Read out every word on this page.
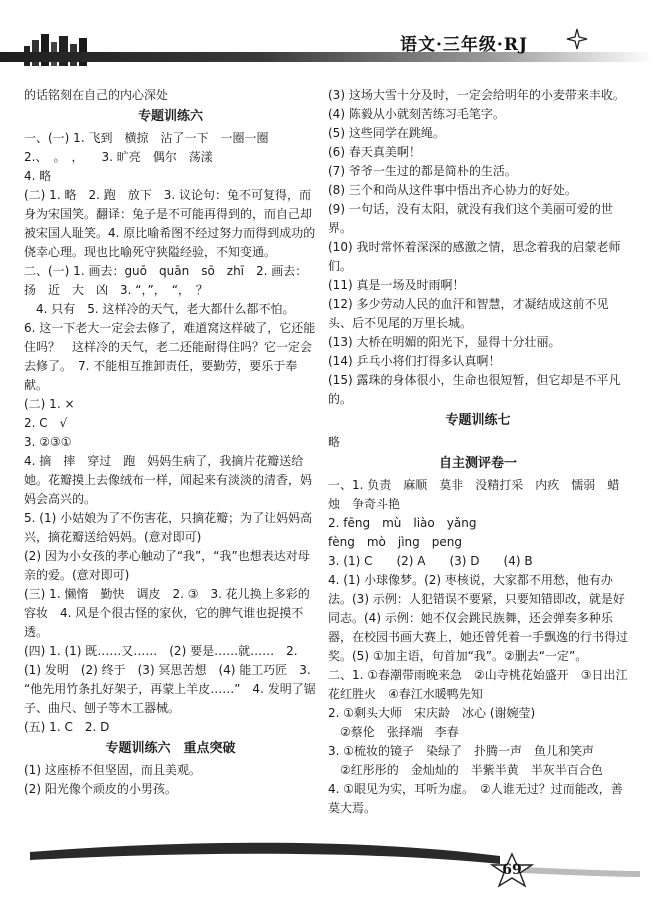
语文·三年级·RJ

的话铭刻在自己的内心深处

专题训练六

一、(一) 1. 飞到　横掠　沾了一下　一圈一圈

2.、　。　，　　3. 旷亮　偶尔　荡漾

4. 略

(二) 1. 略　2. 跑　放下　3. 议论句：兔不可复得，而身为宋国笑。翻译：兔子是不可能再得到的，而自己却被宋国人耻笑。4. 原比喻希图不经过努力而得到成功的侥幸心理。现也比喻死守狭隘经验，不知变通。

二、(一) 1. 画去：guō　quān　sō　zhī　2. 画去：扬　近　大　凶　3. “，”，　“，　？

　4. 只有　5. 这样冷的天气，老大都什么都不怕。

6. 这一下老大一定会去修了，难道窝这样破了，它还能住吗？　这样冷的天气，老二还能耐得住吗？它一定会去修了。　7. 不能相互推卸责任，要勤劳，要乐于奉献。

(二) 1. ×

2. C　√

3. ②③①

4. 摘　摔　穿过　跑　妈妈生病了，我摘片花瓣送给她。花瓣摸上去像绒布一样，闻起来有淡淡的清香，妈妈会高兴的。

5. (1) 小姑娘为了不伤害花，只摘花瓣；为了让妈妈高兴，摘花瓣送给妈妈。(意对即可)

(2) 因为小女孩的孝心触动了“我”，“我”也想表达对母亲的爱。(意对即可)

(三) 1. 懒惰　勤快　调皮　2. ③　3. 花儿换上多彩的容妆　4. 风是个很古怪的家伙，它的脾气谁也捉摸不透。

(四) 1. (1) 既……又……　(2) 要是……就……　2. (1) 发明　(2) 终于　(3) 冥思苦想　(4) 能工巧匠　3. “他先用竹条扎好架子，再蒙上羊皮……”　4. 发明了锯子、曲尺、刨子等木工器械。

(五) 1. C　2. D

专题训练六　重点突破

(1) 这座桥不但坚固，而且美观。

(2) 阳光像个顽皮的小男孩。

(3) 这场大雪十分及时，一定会给明年的小麦带来丰收。

(4) 陈毅从小就刻苦练习毛笔字。

(5) 这些同学在跳绳。

(6) 春天真美啊！

(7) 爷爷一生过的都是简朴的生活。

(8) 三个和尚从这件事中悟出齐心协力的好处。

(9) 一句话，没有太阳，就没有我们这个美丽可爱的世界。

(10) 我时常怀着深深的感激之情，思念着我的启蒙老师们。

(11) 真是一场及时雨啊！

(12) 多少劳动人民的血汗和智慧，才凝结成这前不见头、后不见尾的万里长城。

(13) 大桥在明媚的阳光下，显得十分壮丽。

(14) 乒乓小将们打得多认真啊！

(15) 露珠的身体很小，生命也很短暂，但它却是不平凡的。

专题训练七

略

自主测评卷一

一、1. 负责　麻顺　莫非　没精打采　内疚　懦弱　蜡烛　争奇斗艳

2. fēng　mù　liào　yǎng

fèng　mò　jìng　peng

3. (1) C　　(2) A　　(3) D　　(4) B

4. (1) 小球像梦。(2) 枣核说，大家都不用愁，他有办法。(3) 示例：人犯错误不要紧，只要知错即改，就是好同志。(4) 示例：她不仅会跳民族舞，还会弹奏多种乐器，在校园书画大赛上，她还曾凭着一手飘逸的行书得过奖。(5) ①加主语，句首加“我”。②删去“一定”。

二、1. ①春潮带雨晚来急　②山寺桃花始盛开　③日出江花红胜火　④春江水暖鸭先知

2. ①剩头大师　宋庆龄　冰心 (谢婉莹)

　②蔡伦　张择端　李春

3. ①梳妆的镜子　染绿了　扑腾一声　鱼儿和笑声

　②红彤彤的　金灿灿的　半紫半黄　半灰半百合色

4. ①眼见为实，耳听为虚。　②人谁无过？过而能改，善莫大焉。

69
